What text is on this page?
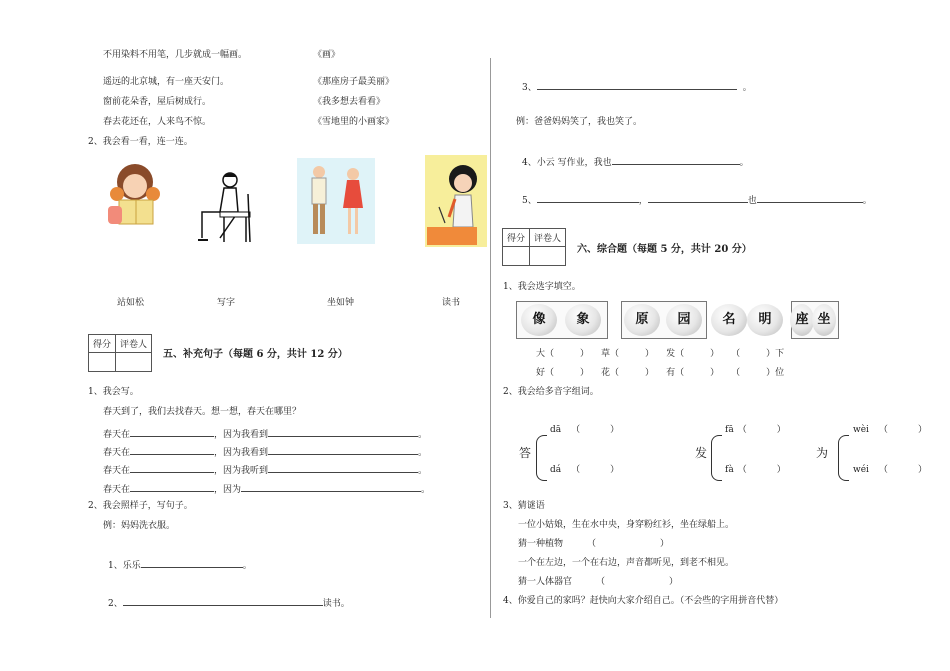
不用染料不用笔，几步就成一幅画。	《画》
遥远的北京城，有一座天安门。	《那座房子最美丽》
窗前花朵香，屋后树成行。	《我多想去看看》
春去花还在，人来鸟不惊。	《雪地里的小画家》
2、我会看一看，连一连。
站如松	写字	坐如钟	读书
得分	评卷人

五、补充句子（每题 6 分，共计 12 分）
1、我会写。
春天到了，我们去找春天。想一想，春天在哪里？
春天在	，因为我看到	。
春天在	，因为我看到	。
春天在	，因为我听到	。
春天在	，因为	。
2、我会照样子，写句子。
例：妈妈洗衣服。
1、乐乐	。
2、	读书。
3、	。
例：爸爸妈妈笑了，我也笑了。
4、小云 写作业，我也	。
5、	，	也	。
得分	评卷人

六、综合题（每题 5 分，共计 20 分）
1、我会选字填空。
像	象	原	园	名	明	座 坐
大（	） 草（	） 发（	） （	）下
好（	） 花（	） 有（	） （	）位
2、我会给多音字组词。
答
dā （	）
dá （	）
发
fā （	）
fà （	）
为
wèi （	）
wéi （	）
3、猜谜语
一位小姑娘，生在水中央，身穿粉红衫，坐在绿船上。
猜一种植物	（	）
一个在左边，一个在右边，声音都听见，到老不相见。
猜一人体器官	（	）
4、你爱自己的家吗？赶快向大家介绍自己。（不会些的字用拼音代替）
